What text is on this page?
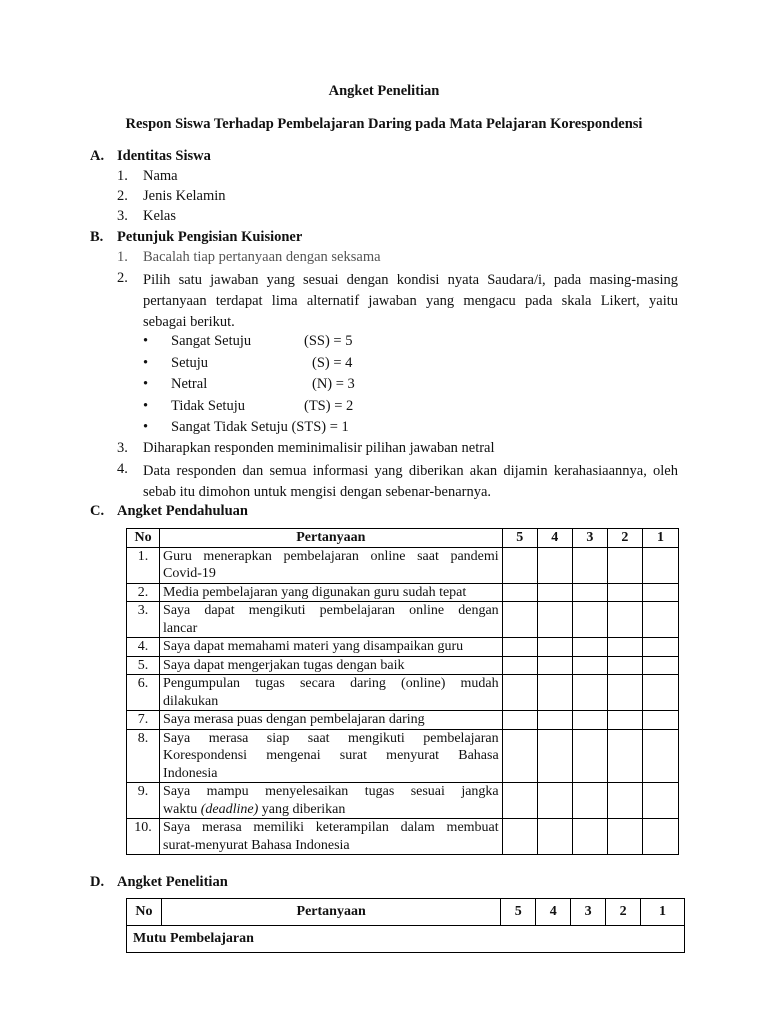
Angket Penelitian
Respon Siswa Terhadap Pembelajaran Daring pada Mata Pelajaran Korespondensi
A. Identitas Siswa
1. Nama
2. Jenis Kelamin
3. Kelas
B. Petunjuk Pengisian Kuisioner
1. Bacalah tiap pertanyaan dengan seksama
2. Pilih satu jawaban yang sesuai dengan kondisi nyata Saudara/i, pada masing-masing
pertanyaan terdapat lima alternatif jawaban yang mengacu pada skala Likert, yaitu
sebagai berikut.
• Sangat Setuju	(SS) = 5
• Setuju	(S) = 4
• Netral	(N) = 3
• Tidak Setuju	(TS) = 2
• Sangat Tidak Setuju (STS) = 1
3. Diharapkan responden meminimalisir pilihan jawaban netral
4. Data responden dan semua informasi yang diberikan akan dijamin kerahasiaannya, oleh
sebab itu dimohon untuk mengisi dengan sebenar-benarnya.
C. Angket Pendahuluan
No	Pertanyaan	5	4	3	2	1
1.	Guru menerapkan pembelajaran online saat pandemi
Covid-19					

2.	Media pembelajaran yang digunakan guru sudah tepat					

3.	Saya dapat mengikuti pembelajaran online dengan
lancar					

4.	Saya dapat memahami materi yang disampaikan guru					

5.	Saya dapat mengerjakan tugas dengan baik					

6.	Pengumpulan tugas secara daring (online) mudah
dilakukan					

7.	Saya merasa puas dengan pembelajaran daring					

8.	Saya merasa siap saat mengikuti pembelajaran
Korespondensi mengenai surat menyurat Bahasa
Indonesia					

9.	Saya mampu menyelesaikan tugas sesuai jangka
waktu (deadline) yang diberikan					

10.	Saya merasa memiliki keterampilan dalam membuat
surat-menyurat Bahasa Indonesia					

D. Angket Penelitian
No	Pertanyaan	5	4	3	2	1
Mutu Pembelajaran
